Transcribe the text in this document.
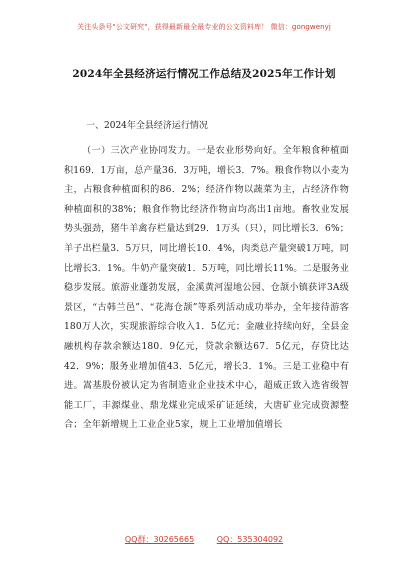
关注头条号"公文研究"，获得最新最全最专业的公文资料库！ 微信：gongwenyj
2024年全县经济运行情况工作总结及2025年工作计划
一、2024年全县经济运行情况
（一）三次产业协同发力。一是农业形势向好。全年粮食种植面积169．1万亩，总产量36．3万吨，增长3．7%。粮食作物以小麦为主，占粮食种植面积的86．2%；经济作物以蔬菜为主，占经济作物种植面积的38%；粮食作物比经济作物亩均高出1亩地。畜牧业发展势头强劲，猪牛羊禽存栏量达到29．1万头（只），同比增长3．6%；羊子出栏量3．5万只，同比增长10．4%，肉类总产量突破1万吨，同比增长3．1%。牛奶产量突破1．5万吨，同比增长11%。二是服务业稳步发展。旅游业蓬勃发展，金溪黄河湿地公园、仓颉小镇获评3A级景区，“古韩兰邑”、“花海仓颉”等系列活动成功举办，全年接待游客180万人次，实现旅游综合收入1．5亿元；金融业持续向好，全县金融机构存款余额达180．9亿元，贷款余额达67．5亿元，存贷比达42．9%；服务业增加值43．5亿元，增长3．1%。三是工业稳中有进。嵩基股份被认定为省制造业企业技术中心，超威正致入选省级智能工厂，丰源煤业、鼎龙煤业完成采矿证延续，大唐矿业完成资源整合；全年新增规上工业企业5家，规上工业增加值增长
QQ群：30265665	QQ：535304092
